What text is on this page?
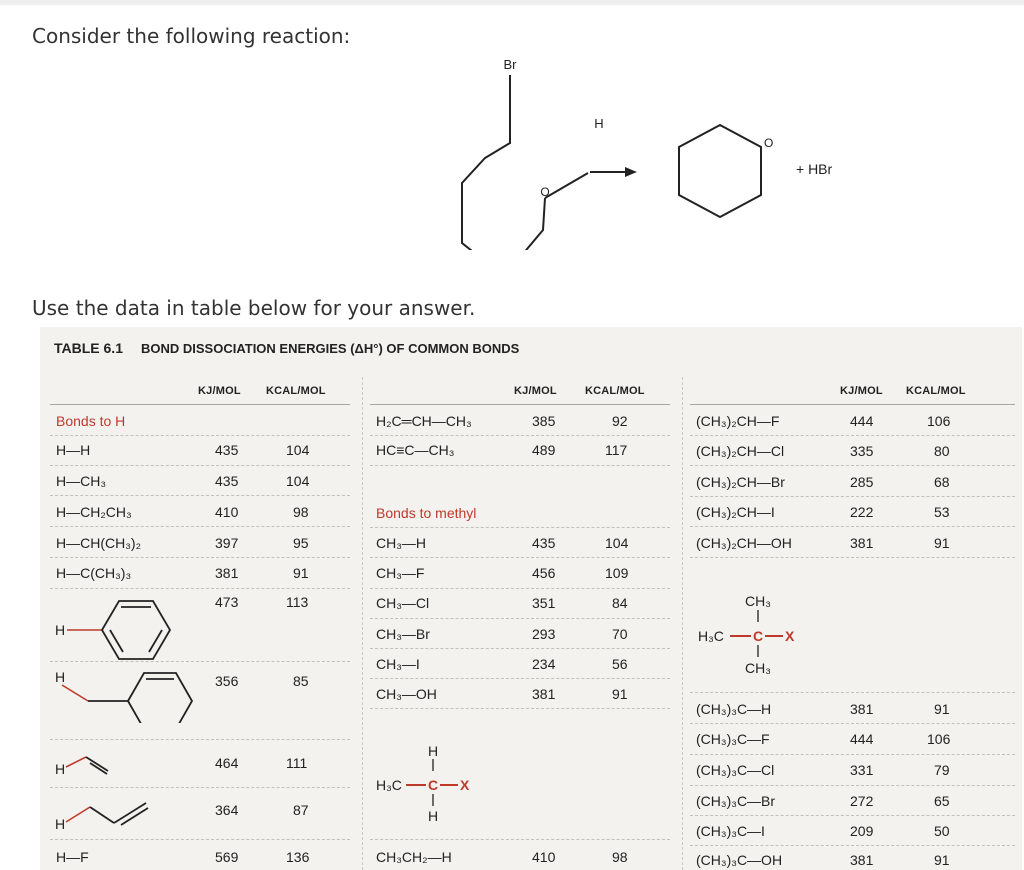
Consider the following reaction:
Br
O
H
O
+ HBr
Use the data in table below for your answer.
TABLE 6.1 BOND DISSOCIATION ENERGIES (ΔH°) OF COMMON BONDS
KJ/MOL KCAL/MOL	KJ/MOL	KCAL/MOL	KJ/MOL KCAL/MOL
Bonds to H
H—H	435	104
H—CH₃	435	104
H—CH₂CH₃	410	98
H—CH(CH₃)₂	397	95
H—C(CH₃)₃	381	91
H
473	113
H	356	85
H	464	111
H
364	87
H—F	569	136
H₂C═CH—CH₃	385	92
HC≡C—CH₃	489	117
Bonds to methyl
CH₃—H	435	104
CH₃—F	456	109
CH₃—Cl	351	84
CH₃—Br	293	70
CH₃—I	234	56
CH₃—OH	381	91
H
H₃C C X
H
CH₃CH₂—H	410	98
(CH₃)₂CH—F	444	106
(CH₃)₂CH—Cl	335	80
(CH₃)₂CH—Br	285	68
(CH₃)₂CH—I	222	53
(CH₃)₂CH—OH	381	91
CH₃
H₃C C X
CH₃
(CH₃)₃C—H	381	91
(CH₃)₃C—F	444	106
(CH₃)₃C—Cl	331	79
(CH₃)₃C—Br	272	65
(CH₃)₃C—I	209	50
(CH₃)₃C—OH	381	91
